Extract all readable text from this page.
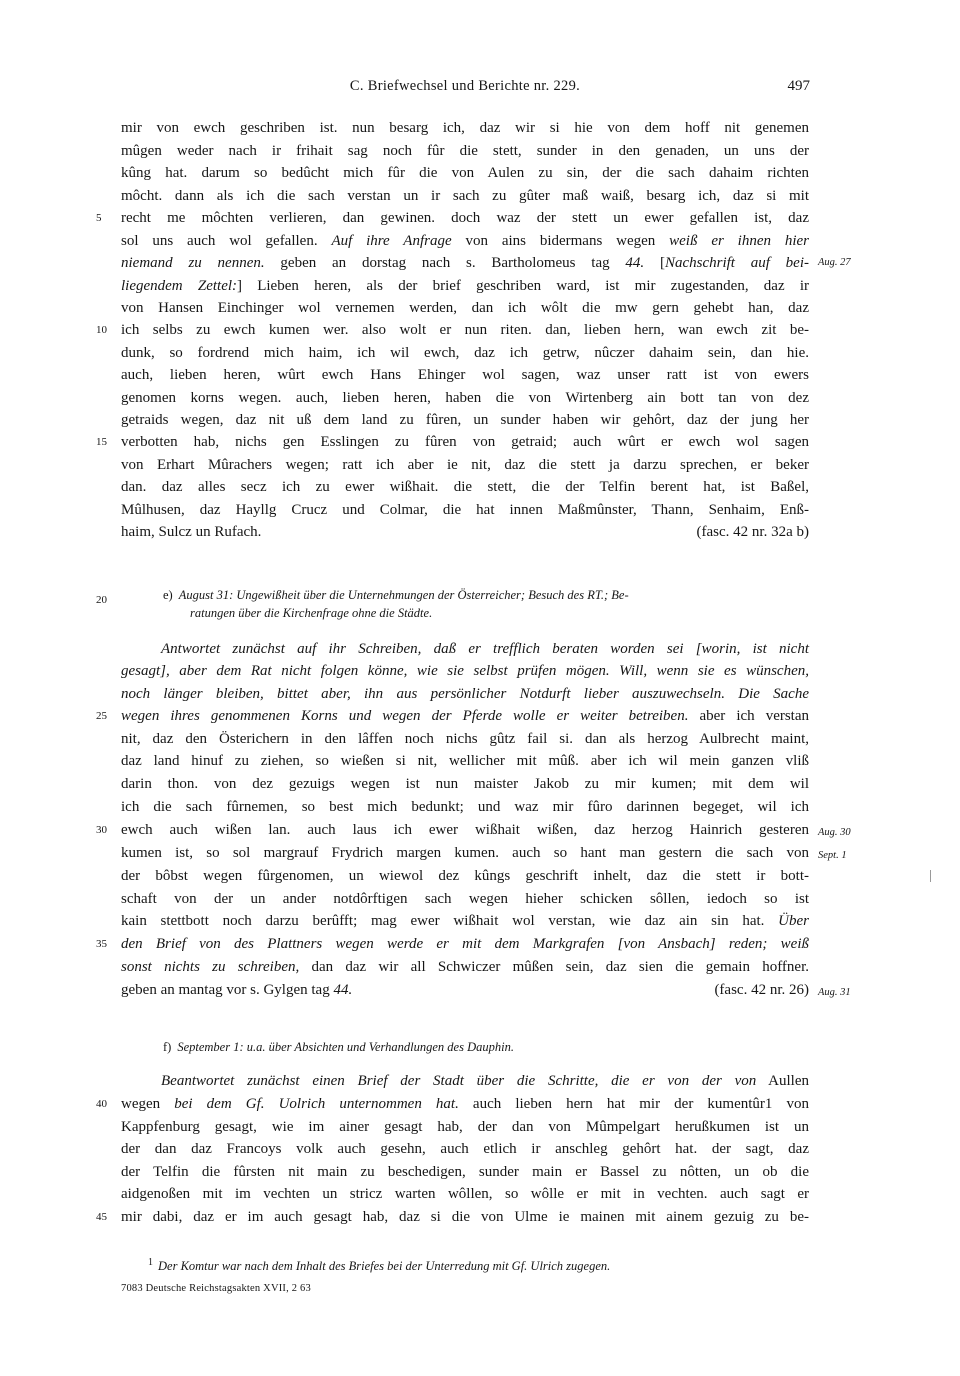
C. Briefwechsel und Berichte nr. 229.	497
5
10
15
20
25
30
35
40
45
mir von ewch geschriben ist. nun besarg ich, daz wir si hie von dem hoff nit genemen
mûgen weder nach ir frihait sag noch fûr die stett, sunder in den genaden, un uns der
kûng hat. darum so bedûcht mich fûr die von Aulen zu sin, der die sach dahaim richten
môcht. dann als ich die sach verstan un ir sach zu gûter maß waiß, besarg ich, daz si mit
recht me môchten verlieren, dan gewinen. doch waz der stett un ewer gefallen ist, daz
sol uns auch wol gefallen. Auf ihre Anfrage von ains bidermans wegen weiß er ihnen hier
niemand zu nennen. geben an dorstag nach s. Bartholomeus tag 44. [Nachschrift auf bei-
liegendem Zettel:] Lieben heren, als der brief geschriben ward, ist mir zugestanden, daz ir
von Hansen Einchinger wol vernemen werden, dan ich wôlt die mw gern gehebt han, daz
ich selbs zu ewch kumen wer. also wolt er nun riten. dan, lieben hern, wan ewch zit be-
dunk, so fordrend mich haim, ich wil ewch, daz ich getrw, nûczer dahaim sein, dan hie.
auch, lieben heren, wûrt ewch Hans Ehinger wol sagen, waz unser ratt ist von ewers
genomen korns wegen. auch, lieben heren, haben die von Wirtenberg ain bott tan von dez
getraids wegen, daz nit uß dem land zu fûren, un sunder haben wir gehôrt, daz der jung her
verbotten hab, nichs gen Esslingen zu fûren von getraid; auch wûrt er ewch wol sagen
von Erhart Mûrachers wegen; ratt ich aber ie nit, daz die stett ja darzu sprechen, er beker
dan. daz alles secz ich zu ewer wißhait. die stett, die der Telfin berent hat, ist Baßel,
Mûlhusen, daz Hayllg Crucz und Colmar, die hat innen Maßmûnster, Thann, Senhaim, Enß-
haim, Sulcz un Rufach.	(fasc. 42 nr. 32a b)
e) August 31: Ungewißheit über die Unternehmungen der Österreicher; Besuch des RT.; Be-
ratungen über die Kirchenfrage ohne die Städte.
Antwortet zunächst auf ihr Schreiben, daß er trefflich beraten worden sei [worin, ist nicht
gesagt], aber dem Rat nicht folgen könne, wie sie selbst prüfen mögen. Will, wenn sie es wünschen,
noch länger bleiben, bittet aber, ihn aus persönlicher Notdurft lieber auszuwechseln. Die Sache
wegen ihres genommenen Korns und wegen der Pferde wolle er weiter betreiben. aber ich verstan
nit, daz den Österichern in den lâffen noch nichs gûtz fail si. dan als herzog Aulbrecht maint,
daz land hinuf zu ziehen, so wießen si nit, wellicher mit mûß. aber ich wil mein ganzen vliß
darin thon. von dez gezuigs wegen ist nun maister Jakob zu mir kumen; mit dem wil
ich die sach fûrnemen, so best mich bedunkt; und waz mir fûro darinnen begeget, wil ich
ewch auch wißen lan. auch laus ich ewer wißhait wißen, daz herzog Hainrich gesteren
kumen ist, so sol margrauf Frydrich margen kumen. auch so hant man gestern die sach von
der bôbst wegen fûrgenomen, un wiewol dez kûngs geschrift inhelt, daz die stett ir bott-
schaft von der un ander notdôrftigen sach wegen hieher schicken sôllen, iedoch so ist
kain stettbott noch darzu berûfft; mag ewer wißhait wol verstan, wie daz ain sin hat. Über
den Brief von des Plattners wegen werde er mit dem Markgrafen [von Ansbach] reden; weiß
sonst nichts zu schreiben, dan daz wir all Schwiczer mûßen sein, daz sien die gemain hoffner.
geben an mantag vor s. Gylgen tag 44.	(fasc. 42 nr. 26)
f) September 1: u.a. über Absichten und Verhandlungen des Dauphin.
Beantwortet zunächst einen Brief der Stadt über die Schritte, die er von der von Aullen
wegen bei dem Gf. Uolrich unternommen hat. auch lieben hern hat mir der kumentûr1 von
Kappfenburg gesagt, wie im ainer gesagt hab, der dan von Mûmpelgart herußkumen ist un
der dan daz Francoys volk auch gesehn, auch etlich ir anschleg gehôrt hat. der sagt, daz
der Telfin die fûrsten nit main zu beschedigen, sunder main er Bassel zu nôtten, un ob die
aidgenoßen mit im vechten un stricz warten wôllen, so wôlle er mit in vechten. auch sagt er
mir dabi, daz er im auch gesagt hab, daz si die von Ulme ie mainen mit ainem gezuig zu be-
Aug. 27
Aug. 30
Sept. 1
Aug. 31
$^1$ Der Komtur war nach dem Inhalt des Briefes bei der Unterredung mit Gf. Ulrich zugegen.
7083 Deutsche Reichstagsakten XVII, 2 63
